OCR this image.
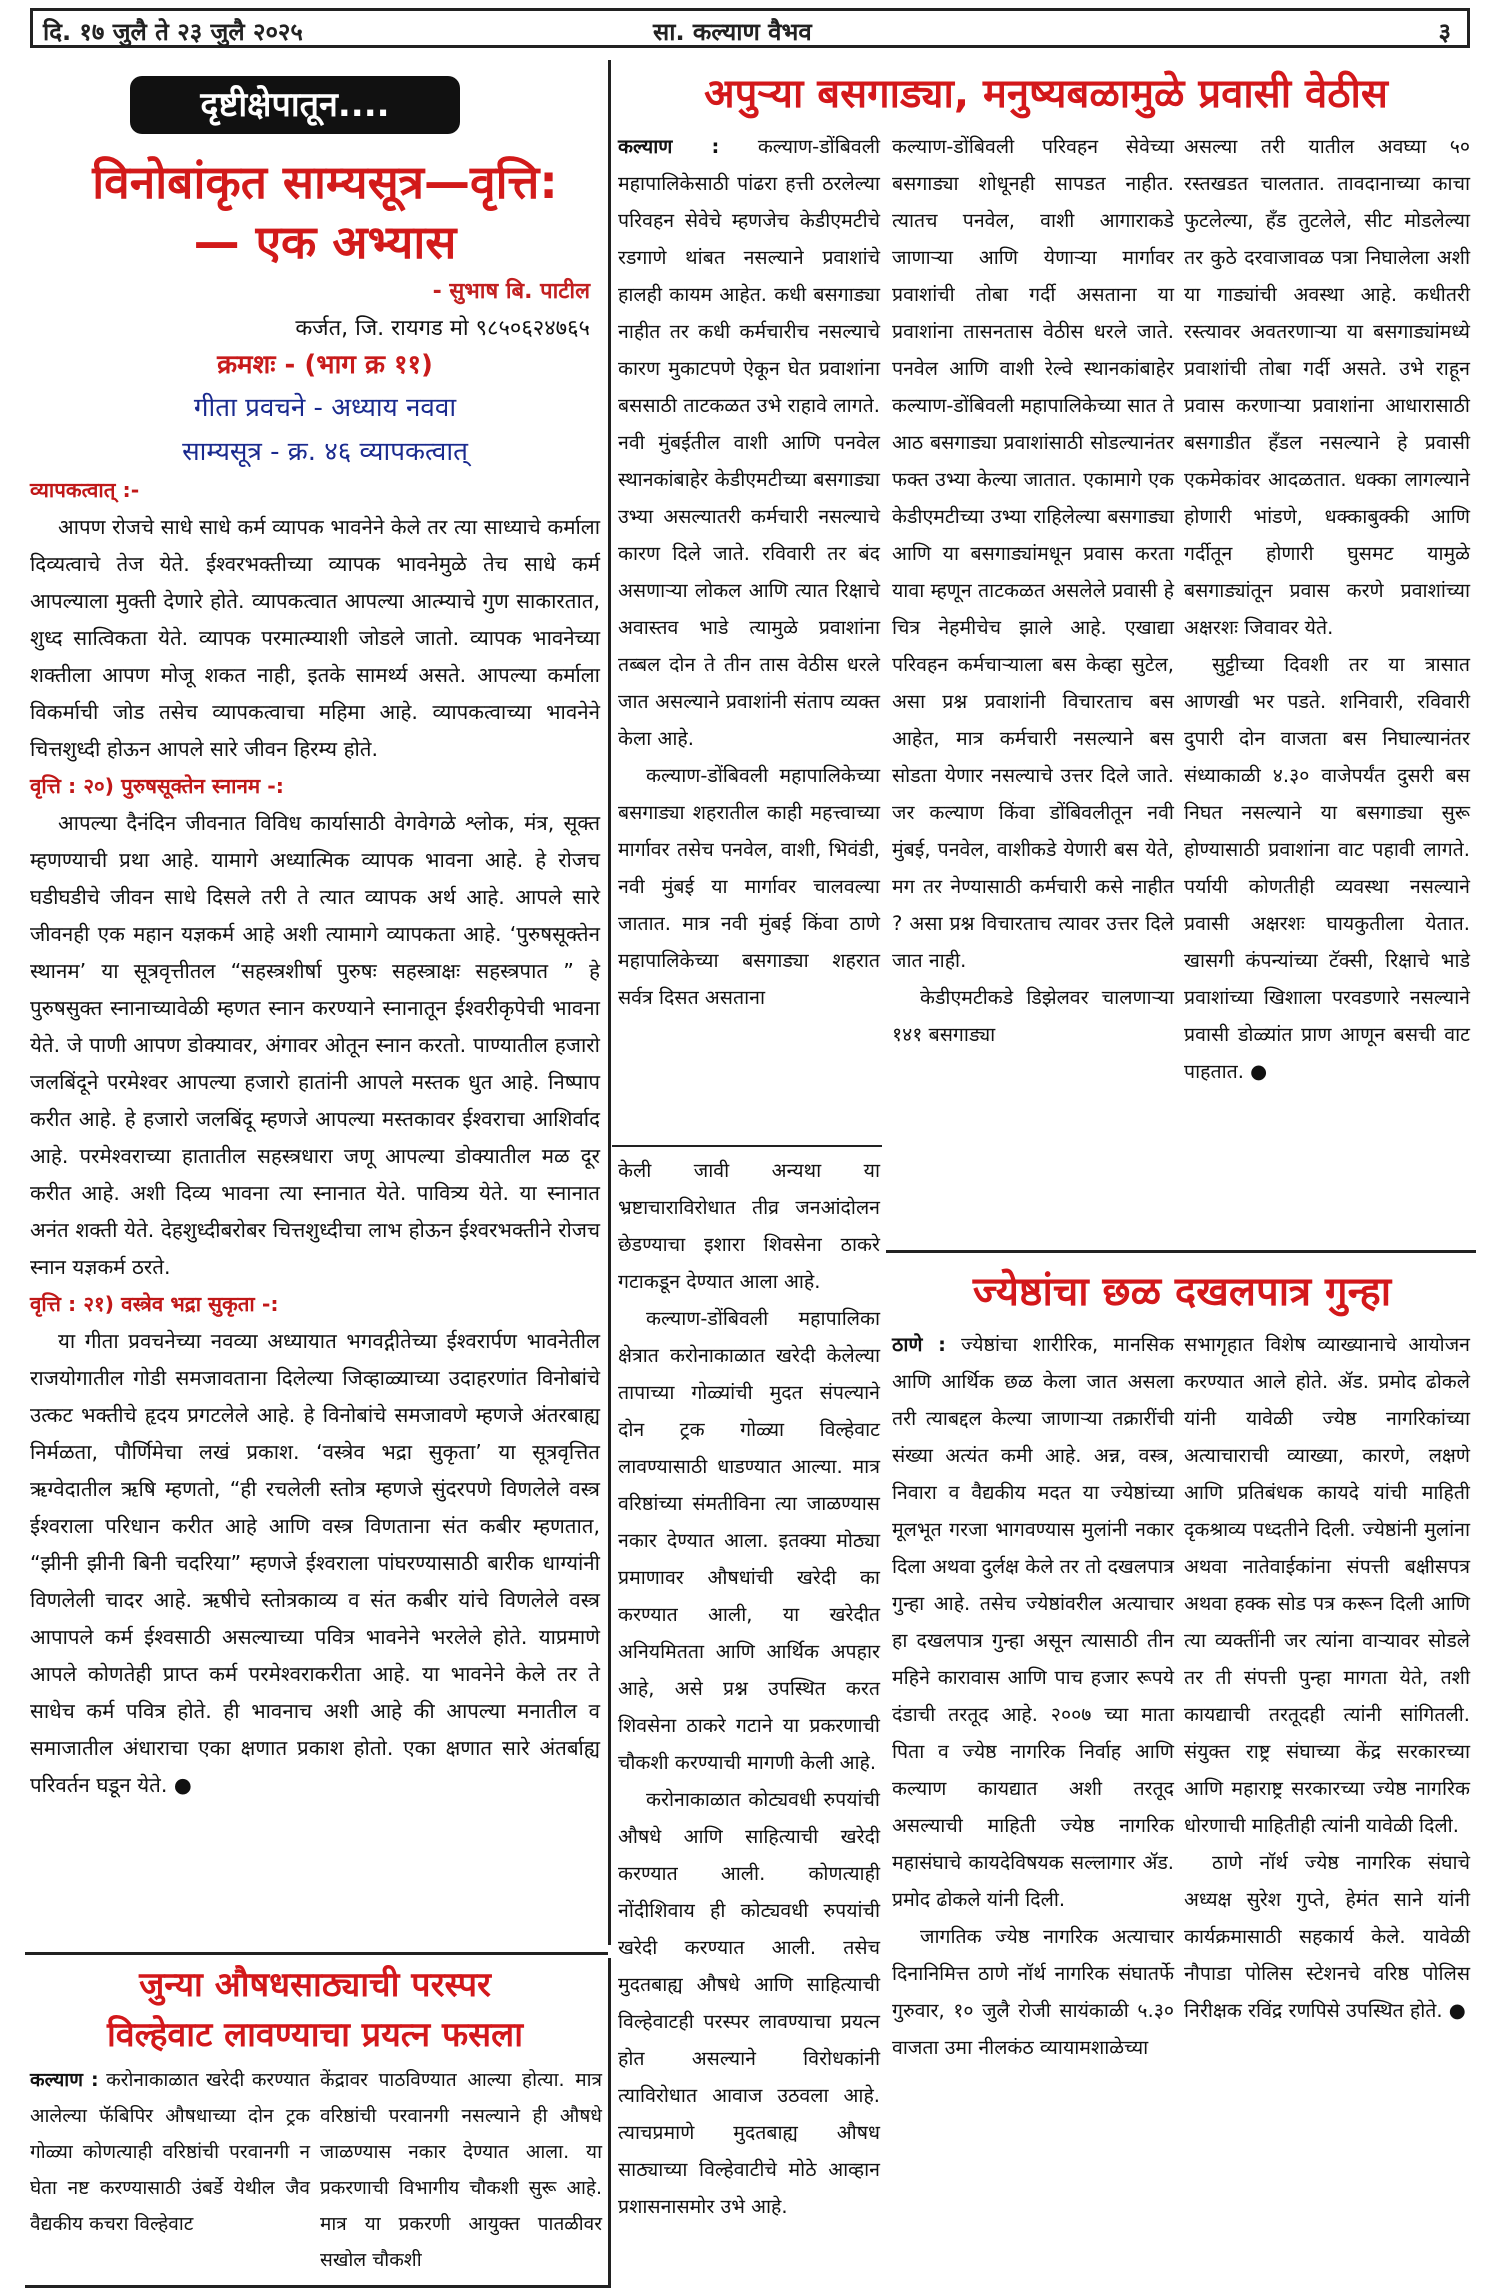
दि. १७ जुलै ते २३ जुलै २०२५	सा. कल्याण वैभव	३
दृष्टीक्षेपातून....
विनोबांकृत साम्यसूत्र—वृत्ति:
— एक अभ्यास
- सुभाष बि. पाटील
कर्जत, जि. रायगड मो ९८५०६२४७६५
क्रमशः - (भाग क्र ११)
गीता प्रवचने - अध्याय नववा
साम्यसूत्र - क्र. ४६ व्यापकत्वात्

व्यापकत्वात् :-

आपण रोजचे साधे साधे कर्म व्यापक भावनेने केले तर त्या साध्याचे कर्माला दिव्यत्वाचे तेज येते. ईश्वरभक्तीच्या व्यापक भावनेमुळे तेच साधे कर्म आपल्याला मुक्ती देणारे होते. व्यापकत्वात आपल्या आत्म्याचे गुण साकारतात, शुध्द सात्विकता येते. व्यापक परमात्म्याशी जोडले जातो. व्यापक भावनेच्या शक्तीला आपण मोजू शकत नाही, इतके सामर्थ्य असते. आपल्या कर्माला विकर्माची जोड तसेच व्यापकत्वाचा महिमा आहे. व्यापकत्वाच्या भावनेने चित्तशुध्दी होऊन आपले सारे जीवन हिरम्य होते.

वृत्ति : २०) पुरुषसूक्तेन स्नानम -:

आपल्या दैनंदिन जीवनात विविध कार्यासाठी वेगवेगळे श्लोक, मंत्र, सूक्त म्हणण्याची प्रथा आहे. यामागे अध्यात्मिक व्यापक भावना आहे. हे रोजच घडीघडीचे जीवन साधे दिसले तरी ते त्यात व्यापक अर्थ आहे. आपले सारे जीवनही एक महान यज्ञकर्म आहे अशी त्यामागे व्यापकता आहे. ‘पुरुषसूक्तेन स्थानम’ या सूत्रवृत्तीतल “सहस्त्रशीर्षा पुरुषः सहस्त्राक्षः सहस्त्रपात ” हे पुरुषसुक्त स्नानाच्यावेळी म्हणत स्नान करण्याने स्नानातून ईश्वरीकृपेची भावना येते. जे पाणी आपण डोक्यावर, अंगावर ओतून स्नान करतो. पाण्यातील हजारो जलबिंदूने परमेश्वर आपल्या हजारो हातांनी आपले मस्तक धुत आहे. निष्पाप करीत आहे. हे हजारो जलबिंदू म्हणजे आपल्या मस्तकावर ईश्वराचा आशिर्वाद आहे. परमेश्वराच्या हातातील सहस्त्रधारा जणू आपल्या डोक्यातील मळ दूर करीत आहे. अशी दिव्य भावना त्या स्नानात येते. पावित्र्य येते. या स्नानात अनंत शक्ती येते. देहशुध्दीबरोबर चित्तशुध्दीचा लाभ होऊन ईश्वरभक्तीने रोजच स्नान यज्ञकर्म ठरते.

वृत्ति : २१) वस्त्रेव भद्रा सुकृता -:

या गीता प्रवचनेच्या नवव्या अध्यायात भगवद्गीतेच्या ईश्वरार्पण भावनेतील राजयोगातील गोडी समजावताना दिलेल्या जिव्हाळ्याच्या उदाहरणांत विनोबांचे उत्कट भक्तीचे हृदय प्रगटलेले आहे. हे विनोबांचे समजावणे म्हणजे अंतरबाह्य निर्मळता, पौर्णिमेचा लखं प्रकाश. ‘वस्त्रेव भद्रा सुकृता’ या सूत्रवृत्तित ऋग्वेदातील ऋषि म्हणतो, “ही रचलेली स्तोत्र म्हणजे सुंदरपणे विणलेले वस्त्र ईश्वराला परिधान करीत आहे आणि वस्त्र विणताना संत कबीर म्हणतात, “झीनी झीनी बिनी चदरिया” म्हणजे ईश्वराला पांघरण्यासाठी बारीक धाग्यांनी विणलेली चादर आहे. ऋषीचे स्तोत्रकाव्य व संत कबीर यांचे विणलेले वस्त्र आपापले कर्म ईश्वसाठी असल्याच्या पवित्र भावनेने भरलेले होते. याप्रमाणे आपले कोणतेही प्राप्त कर्म परमेश्वराकरीता आहे. या भावनेने केले तर ते साधेच कर्म पवित्र होते. ही भावनाच अशी आहे की आपल्या मनातील व समाजातील अंधाराचा एका क्षणात प्रकाश होतो. एका क्षणात सारे अंतर्बाह्य परिवर्तन घडून येते. ●

जुन्या औषधसाठ्याची परस्पर
विल्हेवाट लावण्याचा प्रयत्न फसला

कल्याण : करोनाकाळात खरेदी करण्यात आलेल्या फॅबिपिर औषधाच्या दोन ट्रक गोळ्या कोणत्याही वरिष्ठांची परवानगी न घेता नष्ट करण्यासाठी उंबर्डे येथील जैव वैद्यकीय कचरा विल्हेवाट

केंद्रावर पाठविण्यात आल्या होत्या. मात्र वरिष्ठांची परवानगी नसल्याने ही औषधे जाळण्यास नकार देण्यात आला. या प्रकरणाची विभागीय चौकशी सुरू आहे. मात्र या प्रकरणी आयुक्त पातळीवर सखोल चौकशी

अपुऱ्या बसगाड्या, मनुष्यबळामुळे प्रवासी वेठीस

कल्याण : कल्याण-डोंबिवली महापालिकेसाठी पांढरा हत्ती ठरलेल्या परिवहन सेवेचे म्हणजेच केडीएमटीचे रडगाणे थांबत नसल्याने प्रवाशांचे हालही कायम आहेत. कधी बसगाड्या नाहीत तर कधी कर्मचारीच नसल्याचे कारण मुकाटपणे ऐकून घेत प्रवाशांना बससाठी ताटकळत उभे राहावे लागते. नवी मुंबईतील वाशी आणि पनवेल स्थानकांबाहेर केडीएमटीच्या बसगाड्या उभ्या असल्यातरी कर्मचारी नसल्याचे कारण दिले जाते. रविवारी तर बंद असणाऱ्या लोकल आणि त्यात रिक्षाचे अवास्तव भाडे त्यामुळे प्रवाशांना तब्बल दोन ते तीन तास वेठीस धरले जात असल्याने प्रवाशांनी संताप व्यक्त केला आहे.

कल्याण-डोंबिवली महापालिकेच्या बसगाड्या शहरातील काही महत्त्वाच्या मार्गावर तसेच पनवेल, वाशी, भिवंडी, नवी मुंबई या मार्गावर चालवल्या जातात. मात्र नवी मुंबई किंवा ठाणे महापालिकेच्या बसगाड्या शहरात सर्वत्र दिसत असताना

केली जावी अन्यथा या भ्रष्टाचाराविरोधात तीव्र जनआंदोलन छेडण्याचा इशारा शिवसेना ठाकरे गटाकडून देण्यात आला आहे.

कल्याण-डोंबिवली महापालिका क्षेत्रात करोनाकाळात खरेदी केलेल्या तापाच्या गोळ्यांची मुदत संपल्याने दोन ट्रक गोळ्या विल्हेवाट लावण्यासाठी धाडण्यात आल्या. मात्र वरिष्ठांच्या संमतीविना त्या जाळण्यास नकार देण्यात आला. इतक्या मोठ्या प्रमाणावर औषधांची खरेदी का करण्यात आली, या खरेदीत अनियमितता आणि आर्थिक अपहार आहे, असे प्रश्न उपस्थित करत शिवसेना ठाकरे गटाने या प्रकरणाची चौकशी करण्याची मागणी केली आहे.

करोनाकाळात कोट्यवधी रुपयांची औषधे आणि साहित्याची खरेदी करण्यात आली. कोणत्याही नोंदीशिवाय ही कोट्यवधी रुपयांची खरेदी करण्यात आली. तसेच मुदतबाह्य औषधे आणि साहित्याची विल्हेवाटही परस्पर लावण्याचा प्रयत्न होत असल्याने विरोधकांनी त्याविरोधात आवाज उठवला आहे. त्याचप्रमाणे मुदतबाह्य औषध साठ्याच्या विल्हेवाटीचे मोठे आव्हान प्रशासनासमोर उभे आहे.

कल्याण-डोंबिवली परिवहन सेवेच्या बसगाड्या शोधूनही सापडत नाहीत. त्यातच पनवेल, वाशी आगाराकडे जाणाऱ्या आणि येणाऱ्या मार्गावर प्रवाशांची तोबा गर्दी असताना या प्रवाशांना तासनतास वेठीस धरले जाते. पनवेल आणि वाशी रेल्वे स्थानकांबाहेर कल्याण-डोंबिवली महापालिकेच्या सात ते आठ बसगाड्या प्रवाशांसाठी सोडल्यानंतर फक्त उभ्या केल्या जातात. एकामागे एक केडीएमटीच्या उभ्या राहिलेल्या बसगाड्या आणि या बसगाड्यांमधून प्रवास करता यावा म्हणून ताटकळत असलेले प्रवासी हे चित्र नेहमीचेच झाले आहे. एखाद्या परिवहन कर्मचाऱ्याला बस केव्हा सुटेल, असा प्रश्न प्रवाशांनी विचारताच बस आहेत, मात्र कर्मचारी नसल्याने बस सोडता येणार नसल्याचे उत्तर दिले जाते. जर कल्याण किंवा डोंबिवलीतून नवी मुंबई, पनवेल, वाशीकडे येणारी बस येते, मग तर नेण्यासाठी कर्मचारी कसे नाहीत ? असा प्रश्न विचारताच त्यावर उत्तर दिले जात नाही.

केडीएमटीकडे डिझेलवर चालणाऱ्या १४१ बसगाड्या

असल्या तरी यातील अवघ्या ५० रस्तखडत चालतात. तावदानाच्या काचा फुटलेल्या, हँड तुटलेले, सीट मोडलेल्या तर कुठे दरवाजावळ पत्रा निघालेला अशी या गाड्यांची अवस्था आहे. कधीतरी रस्त्यावर अवतरणाऱ्या या बसगाड्यांमध्ये प्रवाशांची तोबा गर्दी असते. उभे राहून प्रवास करणाऱ्या प्रवाशांना आधारासाठी बसगाडीत हँडल नसल्याने हे प्रवासी एकमेकांवर आदळतात. धक्का लागल्याने होणारी भांडणे, धक्काबुक्की आणि गर्दीतून होणारी घुसमट यामुळे बसगाड्यांतून प्रवास करणे प्रवाशांच्या अक्षरशः जिवावर येते.

सुट्टीच्या दिवशी तर या त्रासात आणखी भर पडते. शनिवारी, रविवारी दुपारी दोन वाजता बस निघाल्यानंतर संध्याकाळी ४.३० वाजेपर्यंत दुसरी बस निघत नसल्याने या बसगाड्या सुरू होण्यासाठी प्रवाशांना वाट पहावी लागते. पर्यायी कोणतीही व्यवस्था नसल्याने प्रवासी अक्षरशः घायकुतीला येतात. खासगी कंपन्यांच्या टॅक्सी, रिक्षाचे भाडे प्रवाशांच्या खिशाला परवडणारे नसल्याने प्रवासी डोळ्यांत प्राण आणून बसची वाट पाहतात. ●

ज्येष्ठांचा छळ दखलपात्र गुन्हा

ठाणे : ज्येष्ठांचा शारीरिक, मानसिक आणि आर्थिक छळ केला जात असला तरी त्याबद्दल केल्या जाणाऱ्या तक्रारींची संख्या अत्यंत कमी आहे. अन्न, वस्त्र, निवारा व वैद्यकीय मदत या ज्येष्ठांच्या मूलभूत गरजा भागवण्यास मुलांनी नकार दिला अथवा दुर्लक्ष केले तर तो दखलपात्र गुन्हा आहे. तसेच ज्येष्ठांवरील अत्याचार हा दखलपात्र गुन्हा असून त्यासाठी तीन महिने कारावास आणि पाच हजार रूपये दंडाची तरतूद आहे. २००७ च्या माता पिता व ज्येष्ठ नागरिक निर्वाह आणि कल्याण कायद्यात अशी तरतूद असल्याची माहिती ज्येष्ठ नागरिक महासंघाचे कायदेविषयक सल्लागार ॲड. प्रमोद ढोकले यांनी दिली.

जागतिक ज्येष्ठ नागरिक अत्याचार दिनानिमित्त ठाणे नॉर्थ नागरिक संघातर्फे गुरुवार, १० जुलै रोजी सायंकाळी ५.३० वाजता उमा नीलकंठ व्यायामशाळेच्या

सभागृहात विशेष व्याख्यानाचे आयोजन करण्यात आले होते. ॲड. प्रमोद ढोकले यांनी यावेळी ज्येष्ठ नागरिकांच्या अत्याचाराची व्याख्या, कारणे, लक्षणे आणि प्रतिबंधक कायदे यांची माहिती दृकश्राव्य पध्दतीने दिली. ज्येष्ठांनी मुलांना अथवा नातेवाईकांना संपत्ती बक्षीसपत्र अथवा हक्क सोड पत्र करून दिली आणि त्या व्यक्तींनी जर त्यांना वाऱ्यावर सोडले तर ती संपत्ती पुन्हा मागता येते, तशी कायद्याची तरतूदही त्यांनी सांगितली. संयुक्त राष्ट्र संघाच्या केंद्र सरकारच्या आणि महाराष्ट्र सरकारच्या ज्येष्ठ नागरिक धोरणाची माहितीही त्यांनी यावेळी दिली.

ठाणे नॉर्थ ज्येष्ठ नागरिक संघाचे अध्यक्ष सुरेश गुप्ते, हेमंत साने यांनी कार्यक्रमासाठी सहकार्य केले. यावेळी नौपाडा पोलिस स्टेशनचे वरिष्ठ पोलिस निरीक्षक रविंद्र रणपिसे उपस्थित होते. ●
